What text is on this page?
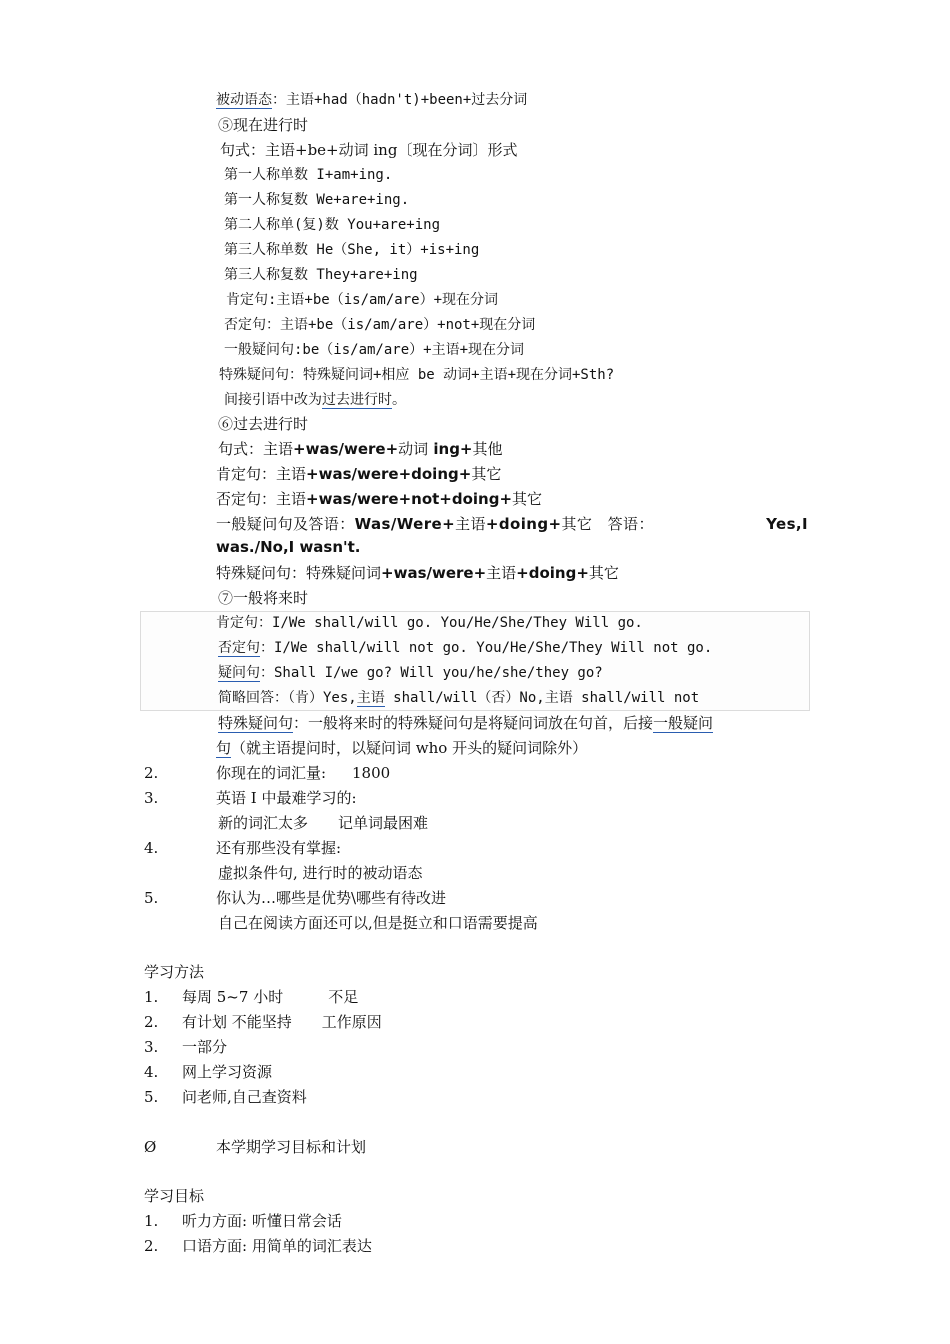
被动语态：主语+had（hadn't)+been+过去分词
⑤现在进行时
句式：主语+be+动词 ing〔现在分词〕形式
第一人称单数 I+am+ing.
第一人称复数 We+are+ing.
第二人称单(复)数 You+are+ing
第三人称单数 He（She, it）+is+ing
第三人称复数 They+are+ing
肯定句:主语+be（is/am/are）+现在分词
否定句：主语+be（is/am/are）+not+现在分词
一般疑问句:be（is/am/are）+主语+现在分词
特殊疑问句：特殊疑问词+相应 be 动词+主语+现在分词+Sth?
间接引语中改为过去进行时。
⑥过去进行时
句式：主语+was/were+动词 ing+其他
肯定句：主语+was/were+doing+其它
否定句：主语+was/were+not+doing+其它
一般疑问句及答语：Was/Were+主语+doing+其它　答语：	Yes,I
was./No,I wasn't.
特殊疑问句：特殊疑问词+was/were+主语+doing+其它
⑦一般将来时
肯定句：I/We shall/will go. You/He/She/They Will go.
否定句：I/We shall/will not go. You/He/She/They Will not go.
疑问句：Shall I/we go? Will you/he/she/they go?
简略回答：（肯）Yes,主语 shall/will（否）No,主语 shall/will not
特殊疑问句：一般将来时的特殊疑问句是将疑问词放在句首，后接一般疑问
句（就主语提问时，以疑问词 who 开头的疑问词除外）
2.	你现在的词汇量: 1800
3.	英语 I 中最难学习的:
新的词汇太多　　记单词最困难
4.	还有那些没有掌握:
虚拟条件句, 进行时的被动语态
5.	你认为…哪些是优势\哪些有待改进
自己在阅读方面还可以,但是挺立和口语需要提高
学习方法
1. 每周 5~7 小时　　　不足
2. 有计划 不能坚持　　工作原因
3. 一部分
4. 网上学习资源
5. 问老师,自己查资料
Ø	本学期学习目标和计划
学习目标
1. 听力方面: 听懂日常会话
2. 口语方面: 用简单的词汇表达
